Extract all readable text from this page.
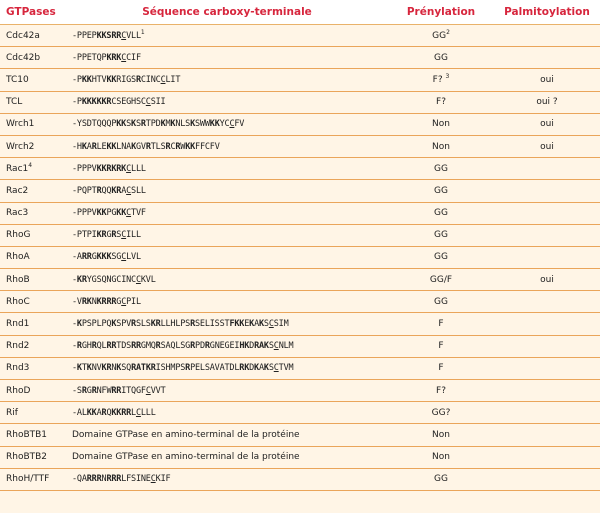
GTPases	Séquence carboxy-terminale	Prénylation	Palmitoylation
Cdc42a	-PPEPKKSRRCVLL$^1$	$GG^2$
Cdc42b	-PPETQPKRKCCIF	GG
TC10	-PKKHTVKKRIGSRCINCCLIT	F? $^3$	oui
TCL	-PKKKKKRCSEGHSCCSII	F?	oui ?
Wrch1	-YSDTQQQPKKSKSRTPDKMKNLSKSWWKKYCCFV	Non	oui
Wrch2	-HKARLEKKLNAKGVRTLSRCRWKKFFCFV	Non	oui
$Rac1^4$	-PPPVKKRKRKCLLL	GG
Rac2	-PQPTRQQKRACSLL	GG
Rac3	-PPPVKKPGKKCTVF	GG
RhoG	-PTPIKRGRSCILL	GG
RhoA	-ARRGKKKSGCLVL	GG
RhoB	-KRYGSQNGCINCCKVL	GG/F	oui
RhoC	-VRKNKRRRGCPIL	GG
Rnd1	-KPSPLPQKSPVRSLSKRLLHLPSRSELISSTFKKEKAKSCSIM	F
Rnd2	-RGHRQLRRTDSRRGMQRSAQLSGRPDRGNEGEIHKDRAKSCNLM	F
Rnd3	-KTKNVKRNKSQRATKRISHMPSRPELSAVATDLRKDKAKSCTVM	F
RhoD	-SRGRNFWRRITQGFCVVT	F?
Rif	-ALKKARQKKRRLCLLL	GG?
RhoBTB1	Domaine GTPase en amino-terminal de la protéine	Non
RhoBTB2	Domaine GTPase en amino-terminal de la protéine	Non
RhoH/TTF	-QARRRNRRRLFSINECKIF	GG
